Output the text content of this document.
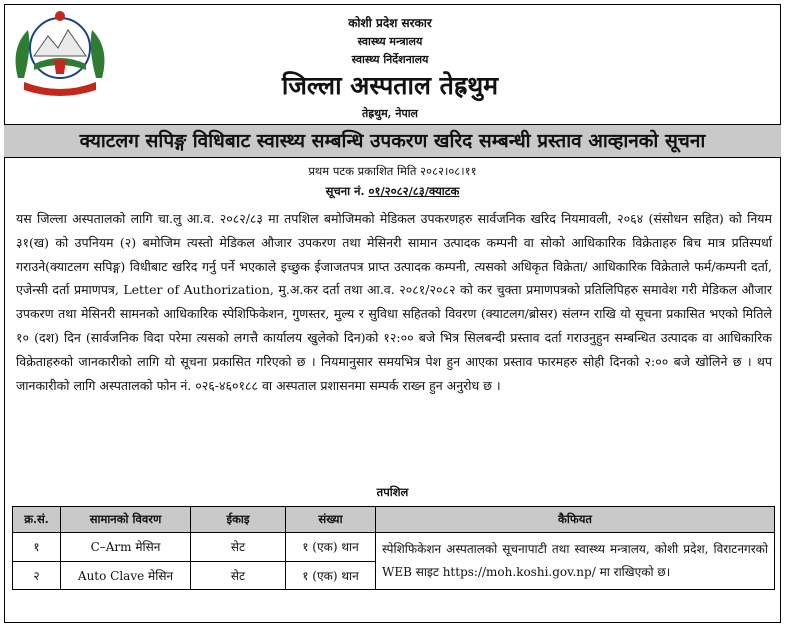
कोशी प्रदेश सरकार
स्वास्थ्य मन्त्रालय
स्वास्थ्य निर्देशनालय
जिल्ला अस्पताल तेह्रथुम
तेह्रथुम, नेपाल
क्याटलग सपिङ्ग विधिबाट स्वास्थ्य सम्बन्धि उपकरण खरिद सम्बन्धी प्रस्ताव आव्हानको सूचना
प्रथम पटक प्रकाशित मिति २०८२।०८।११
सूचना नं. ०१/२०८२/८३/क्याटक

यस जिल्ला अस्पतालको लागि चा.लु आ.व. २०८२/८३ मा तपशिल बमोजिमको मेडिकल उपकरणहरु सार्वजनिक खरिद नियमावली, २०६४ (संसोधन सहित) को नियम ३१(ख) को उपनियम (२) बमोजिम त्यस्तो मेडिकल औजार उपकरण तथा मेसिनरी सामान उत्पादक कम्पनी वा सोको आधिकारिक विक्रेताहरु बिच मात्र प्रतिस्पर्धा गराउने(क्याटलग सपिङ्ग) विधीबाट खरिद गर्नु पर्ने भएकाले इच्छुक ईजाजतपत्र प्राप्त उत्पादक कम्पनी, त्यसको अधिकृत विक्रेता/ आधिकारिक विक्रेताले फर्म/कम्पनी दर्ता, एजेन्सी दर्ता प्रमाणपत्र, Letter of Authorization, मु.अ.कर दर्ता तथा आ.व. २०८१/२०८२ को कर चुक्ता प्रमाणपत्रको प्रतिलिपिहरु समावेश गरी मेडिकल औजार उपकरण तथा मेसिनरी सामनको आधिकारिक स्पेशिफिकेशन, गुणस्तर, मुल्य र सुविधा सहितको विवरण (क्याटलग/ब्रोसर) संलग्न राखि यो सूचना प्रकासित भएको मितिले १० (दश) दिन (सार्वजनिक विदा परेमा त्यसको लगत्तै कार्यालय खुलेको दिन)को १२:०० बजे भित्र सिलबन्दी प्रस्ताव दर्ता गराउनुहुन सम्बन्धित उत्पादक वा आधिकारिक विक्रेताहरुको जानकारीको लागि यो सूचना प्रकासित गरिएको छ । नियमानुसार समयभित्र पेश हुन आएका प्रस्ताव फारमहरु सोही दिनको २:०० बजे खोलिने छ । थप जानकारीको लागि अस्पतालको फोन नं. ०२६-४६०१८८ वा अस्पताल प्रशासनमा सम्पर्क राख्न हुन अनुरोध छ ।

तपशिल
क्र.सं.	सामानको विवरण	ईकाइ	संख्या	कैफियत
१	C–Arm मेसिन	सेट	१ (एक) थान	स्पेशिफिकेशन अस्पतालको सूचनापाटी तथा स्वास्थ्य मन्त्रालय, कोशी प्रदेश, विराटनगरको WEB साइट https://moh.koshi.gov.np/ मा राखिएको छ।
२	Auto Clave मेसिन	सेट	१ (एक) थान	
